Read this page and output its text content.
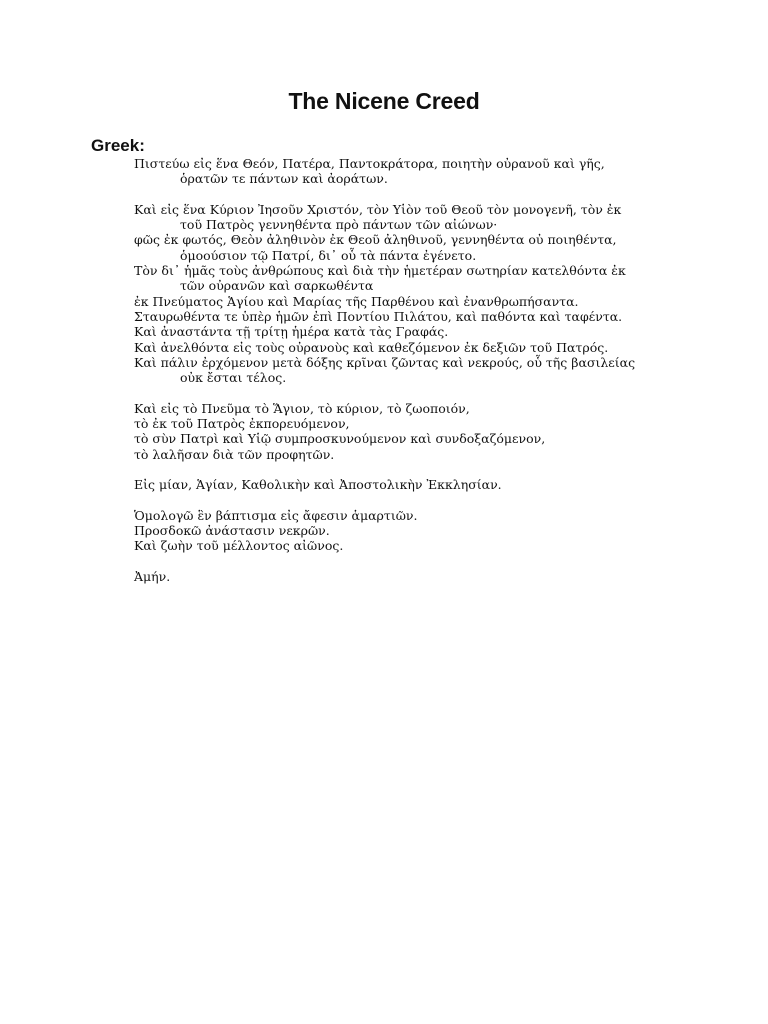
The Nicene Creed
Greek:
Πιστεύω εἰς ἕνα Θεόν, Πατέρα, Παντοκράτορα, ποιητὴν οὐρανοῦ καὶ γῆς,
ὁρατῶν τε πάντων καὶ ἀοράτων.
Καὶ εἰς ἕνα Κύριον Ἰησοῦν Χριστόν, τὸν Υἱὸν τοῦ Θεοῦ τὸν μονογενῆ, τὸν ἐκ
τοῦ Πατρὸς γεννηθέντα πρὸ πάντων τῶν αἰώνων·
φῶς ἐκ φωτός, Θεὸν ἀληθινὸν ἐκ Θεοῦ ἀληθινοῦ, γεννηθέντα οὐ ποιηθέντα,
ὁμοούσιον τῷ Πατρί, δι᾽ οὗ τὰ πάντα ἐγένετο.
Τὸν δι᾽ ἡμᾶς τοὺς ἀνθρώπους καὶ διὰ τὴν ἡμετέραν σωτηρίαν κατελθόντα ἐκ
τῶν οὐρανῶν καὶ σαρκωθέντα
ἐκ Πνεύματος Ἁγίου καὶ Μαρίας τῆς Παρθένου καὶ ἐνανθρωπήσαντα.
Σταυρωθέντα τε ὑπὲρ ἡμῶν ἐπὶ Ποντίου Πιλάτου, καὶ παθόντα καὶ ταφέντα.
Καὶ ἀναστάντα τῇ τρίτῃ ἡμέρα κατὰ τὰς Γραφάς.
Καὶ ἀνελθόντα εἰς τοὺς οὐρανοὺς καὶ καθεζόμενον ἐκ δεξιῶν τοῦ Πατρός.
Καὶ πάλιν ἐρχόμενον μετὰ δόξης κρῖναι ζῶντας καὶ νεκρούς, οὗ τῆς βασιλείας
οὐκ ἔσται τέλος.
Καὶ εἰς τὸ Πνεῦμα τὸ Ἅγιον, τὸ κύριον, τὸ ζωοποιόν,
τὸ ἐκ τοῦ Πατρὸς ἐκπορευόμενον,
τὸ σὺν Πατρὶ καὶ Υἱῷ συμπροσκυνούμενον καὶ συνδοξαζόμενον,
τὸ λαλῆσαν διὰ τῶν προφητῶν.
Εἰς μίαν, Ἁγίαν, Καθολικὴν καὶ Ἀποστολικὴν Ἐκκλησίαν.
Ὁμολογῶ ἓν βάπτισμα εἰς ἄφεσιν ἁμαρτιῶν.
Προσδοκῶ ἀνάστασιν νεκρῶν.
Καὶ ζωὴν τοῦ μέλλοντος αἰῶνος.
Ἀμήν.
